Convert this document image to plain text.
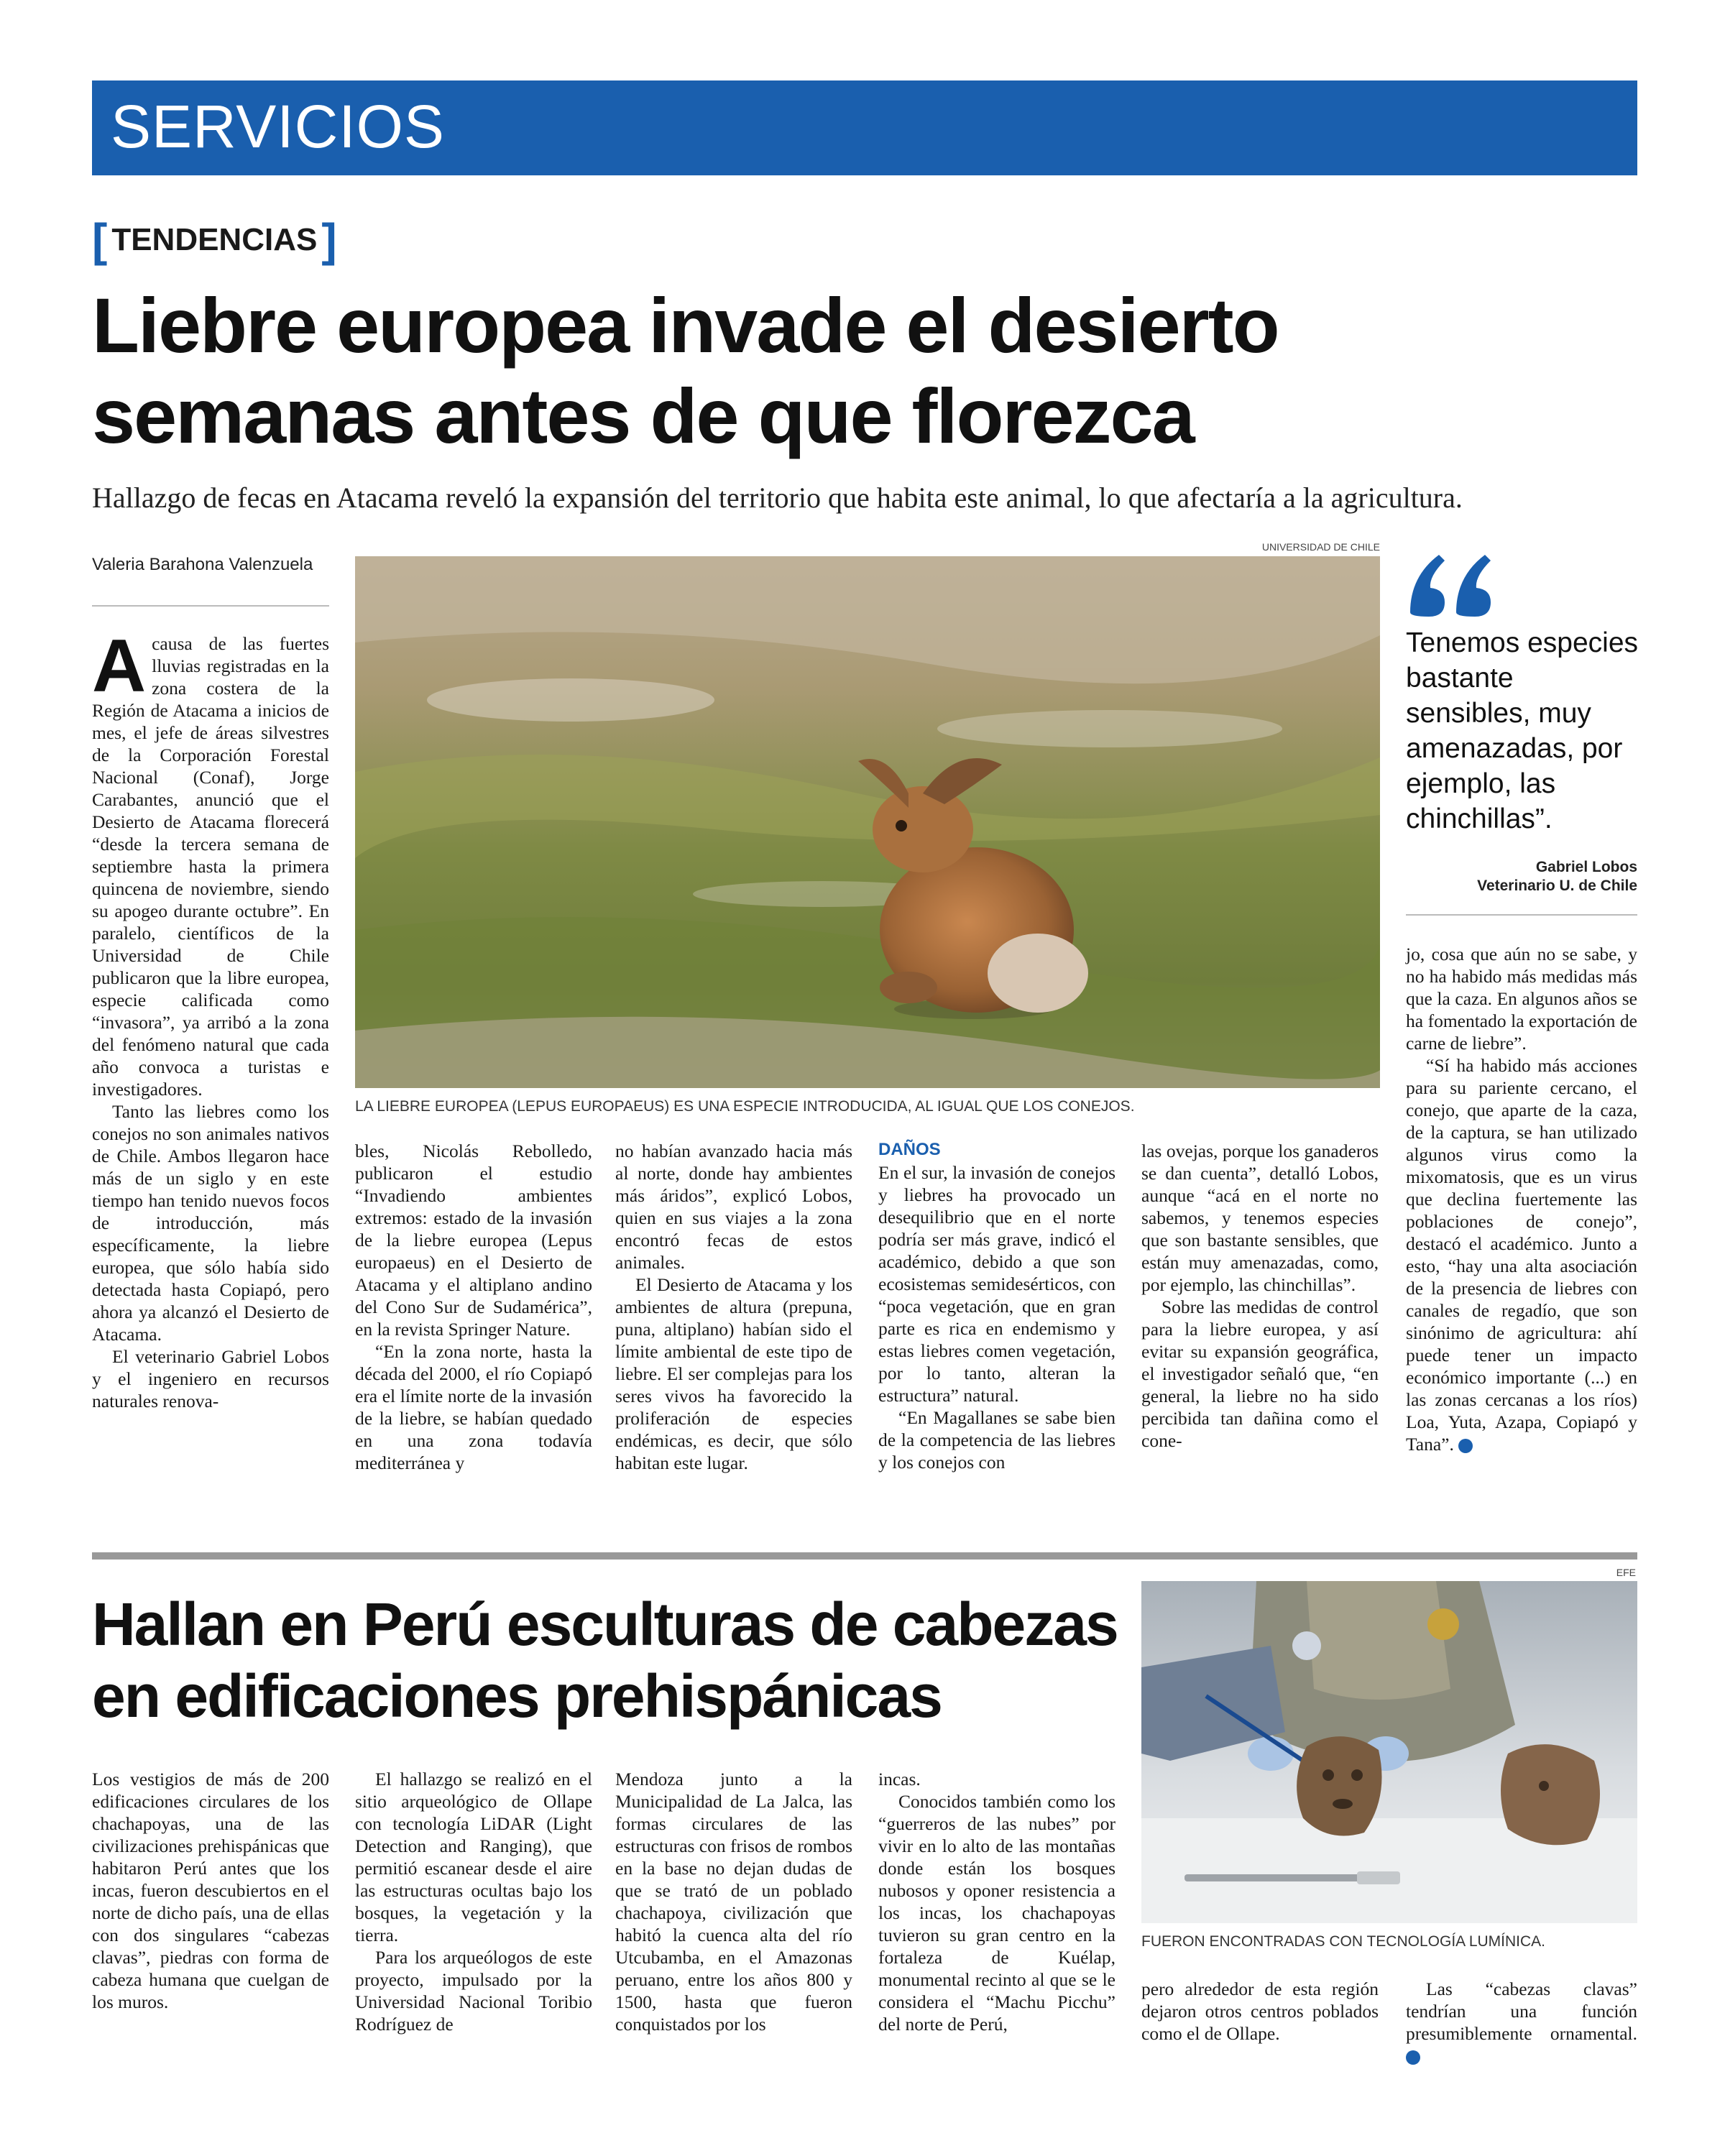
SERVICIOS
[ TENDENCIAS ]
Liebre europea invade el desierto semanas antes de que florezca

Hallazgo de fecas en Atacama reveló la expansión del territorio que habita este animal, lo que afectaría a la agricultura.

Valeria Barahona Valenzuela
UNIVERSIDAD DE CHILE
LA LIEBRE EUROPEA (LEPUS EUROPAEUS) ES UNA ESPECIE INTRODUCIDA, AL IGUAL QUE LOS CONEJOS.
Tenemos especies bastante sensibles, muy amenazadas, por ejemplo, las chinchillas”.
Gabriel Lobos
Veterinario U. de Chile

Acausa de las fuertes lluvias registradas en la zona costera de la Región de Atacama a inicios de mes, el jefe de áreas silvestres de la Corporación Forestal Nacional (Conaf), Jorge Carabantes, anunció que el Desierto de Atacama florecerá “desde la tercera semana de septiembre hasta la primera quincena de noviembre, siendo su apogeo durante octubre”. En paralelo, científicos de la Universidad de Chile publicaron que la libre europea, especie calificada como “invasora”, ya arribó a la zona del fenómeno natural que cada año convoca a turistas e investigadores.

Tanto las liebres como los conejos no son animales nativos de Chile. Ambos llegaron hace más de un siglo y en este tiempo han tenido nuevos focos de introducción, más específicamente, la liebre europea, que sólo había sido detectada hasta Copiapó, pero ahora ya alcanzó el Desierto de Atacama.

El veterinario Gabriel Lobos y el ingeniero en recursos naturales renova-

bles, Nicolás Rebolledo, publicaron el estudio “Invadiendo ambientes extremos: estado de la invasión de la liebre europea (Lepus europaeus) en el Desierto de Atacama y el altiplano andino del Cono Sur de Sudamérica”, en la revista Springer Nature.

“En la zona norte, hasta la década del 2000, el río Copiapó era el límite norte de la invasión de la liebre, se habían quedado en una zona todavía mediterránea y

no habían avanzado hacia más al norte, donde hay ambientes más áridos”, explicó Lobos, quien en sus viajes a la zona encontró fecas de estos animales.

El Desierto de Atacama y los ambientes de altura (prepuna, puna, altiplano) habían sido el límite ambiental de este tipo de liebre. El ser complejas para los seres vivos ha favorecido la proliferación de especies endémicas, es decir, que sólo habitan este lugar.

DAÑOS

En el sur, la invasión de conejos y liebres ha provocado un desequilibrio que en el norte podría ser más grave, indicó el académico, debido a que son ecosistemas semidesérticos, con “poca vegetación, que en gran parte es rica en endemismo y estas liebres comen vegetación, por lo tanto, alteran la estructura” natural.

“En Magallanes se sabe bien de la competencia de las liebres y los conejos con

las ovejas, porque los ganaderos se dan cuenta”, detalló Lobos, aunque “acá en el norte no sabemos, y tenemos especies que son bastante sensibles, que están muy amenazadas, como, por ejemplo, las chinchillas”.

Sobre las medidas de control para la liebre europea, y así evitar su expansión geográfica, el investigador señaló que, “en general, la liebre no ha sido percibida tan dañina como el cone-

jo, cosa que aún no se sabe, y no ha habido más medidas más que la caza. En algunos años se ha fomentado la exportación de carne de liebre”.

“Sí ha habido más acciones para su pariente cercano, el conejo, que aparte de la caza, de la captura, se han utilizado algunos virus como la mixomatosis, que es un virus que declina fuertemente las poblaciones de conejo”, destacó el académico. Junto a esto, “hay una alta asociación de la presencia de liebres con canales de regadío, que son sinónimo de agricultura: ahí puede tener un impacto económico importante (...) en las zonas cercanas a los ríos) Loa, Yuta, Azapa, Copiapó y Tana”. ›

Hallan en Perú esculturas de cabezas en edificaciones prehispánicas
EFE
FUERON ENCONTRADAS CON TECNOLOGÍA LUMÍNICA.

Los vestigios de más de 200 edificaciones circulares de los chachapoyas, una de las civilizaciones prehispánicas que habitaron Perú antes que los incas, fueron descubiertos en el norte de dicho país, una de ellas con dos singulares “cabezas clavas”, piedras con forma de cabeza humana que cuelgan de los muros.

El hallazgo se realizó en el sitio arqueológico de Ollape con tecnología LiDAR (Light Detection and Ranging), que permitió escanear desde el aire las estructuras ocultas bajo los bosques, la vegetación y la tierra.

Para los arqueólogos de este proyecto, impulsado por la Universidad Nacional Toribio Rodríguez de

Mendoza junto a la Municipalidad de La Jalca, las formas circulares de las estructuras con frisos de rombos en la base no dejan dudas de que se trató de un poblado chachapoya, civilización que habitó la cuenca alta del río Utcubamba, en el Amazonas peruano, entre los años 800 y 1500, hasta que fueron conquistados por los

incas.

Conocidos también como los “guerreros de las nubes” por vivir en lo alto de las montañas donde están los bosques nubosos y oponer resistencia a los incas, los chachapoyas tuvieron su gran centro en la fortaleza de Kuélap, monumental recinto al que se le considera el “Machu Picchu” del norte de Perú,

pero alrededor de esta región dejaron otros centros poblados como el de Ollape.

Las “cabezas clavas” tendrían una función presumiblemente ornamental. ›
